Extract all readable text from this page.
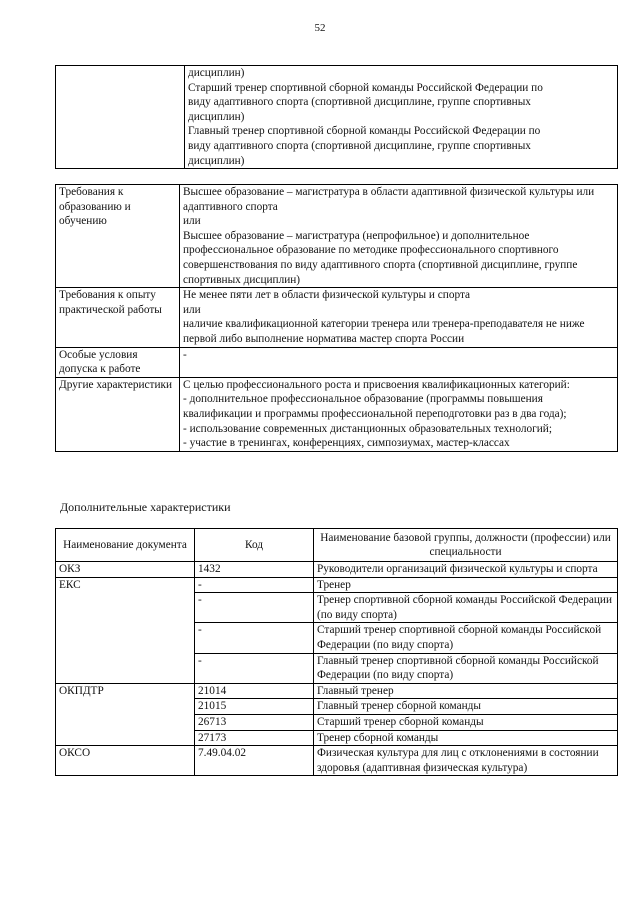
52

дисциплин)

Старший тренер спортивной сборной команды Российской Федерации по

виду адаптивного спорта (спортивной дисциплине, группе спортивных

дисциплин)

Главный тренер спортивной сборной команды Российской Федерации по

виду адаптивного спорта (спортивной дисциплине, группе спортивных

дисциплин)

Требования к образованию и обучению	Высшее образование – магистратура в области адаптивной физической культуры или адаптивного спорта

или

Высшее образование – магистратура (непрофильное) и дополнительное профессиональное образование по методике профессионального спортивного совершенствования по виду адаптивного спорта (спортивной дисциплине, группе спортивных дисциплин)

Требования к опыту практической работы	Не менее пяти лет в области физической культуры и спорта

или

наличие квалификационной категории тренера или тренера-преподавателя не ниже первой либо выполнение норматива мастер спорта России

Особые условия допуска к работе	-

Другие характеристики	С целью профессионального роста и присвоения квалификационных категорий:

- дополнительное профессиональное образование (программы повышения квалификации и программы профессиональной переподготовки раз в два года);

- использование современных дистанционных образовательных технологий;

- участие в тренингах, конференциях, симпозиумах, мастер-классах

Дополнительные характеристики
Наименование документа	Код	Наименование базовой группы, должности (профессии) или специальности
ОКЗ	1432	Руководители организаций физической культуры и спорта
ЕКС	-	Тренер
	-	Тренер спортивной сборной команды Российской Федерации (по виду спорта)
	-	Старший тренер спортивной сборной команды Российской Федерации (по виду спорта)
	-	Главный тренер спортивной сборной команды Российской Федерации (по виду спорта)
ОКПДТР	21014	Главный тренер
	21015	Главный тренер сборной команды
	26713	Старший тренер сборной команды
	27173	Тренер сборной команды
ОКСО	7.49.04.02	Физическая культура для лиц с отклонениями в состоянии здоровья (адаптивная физическая культура)
